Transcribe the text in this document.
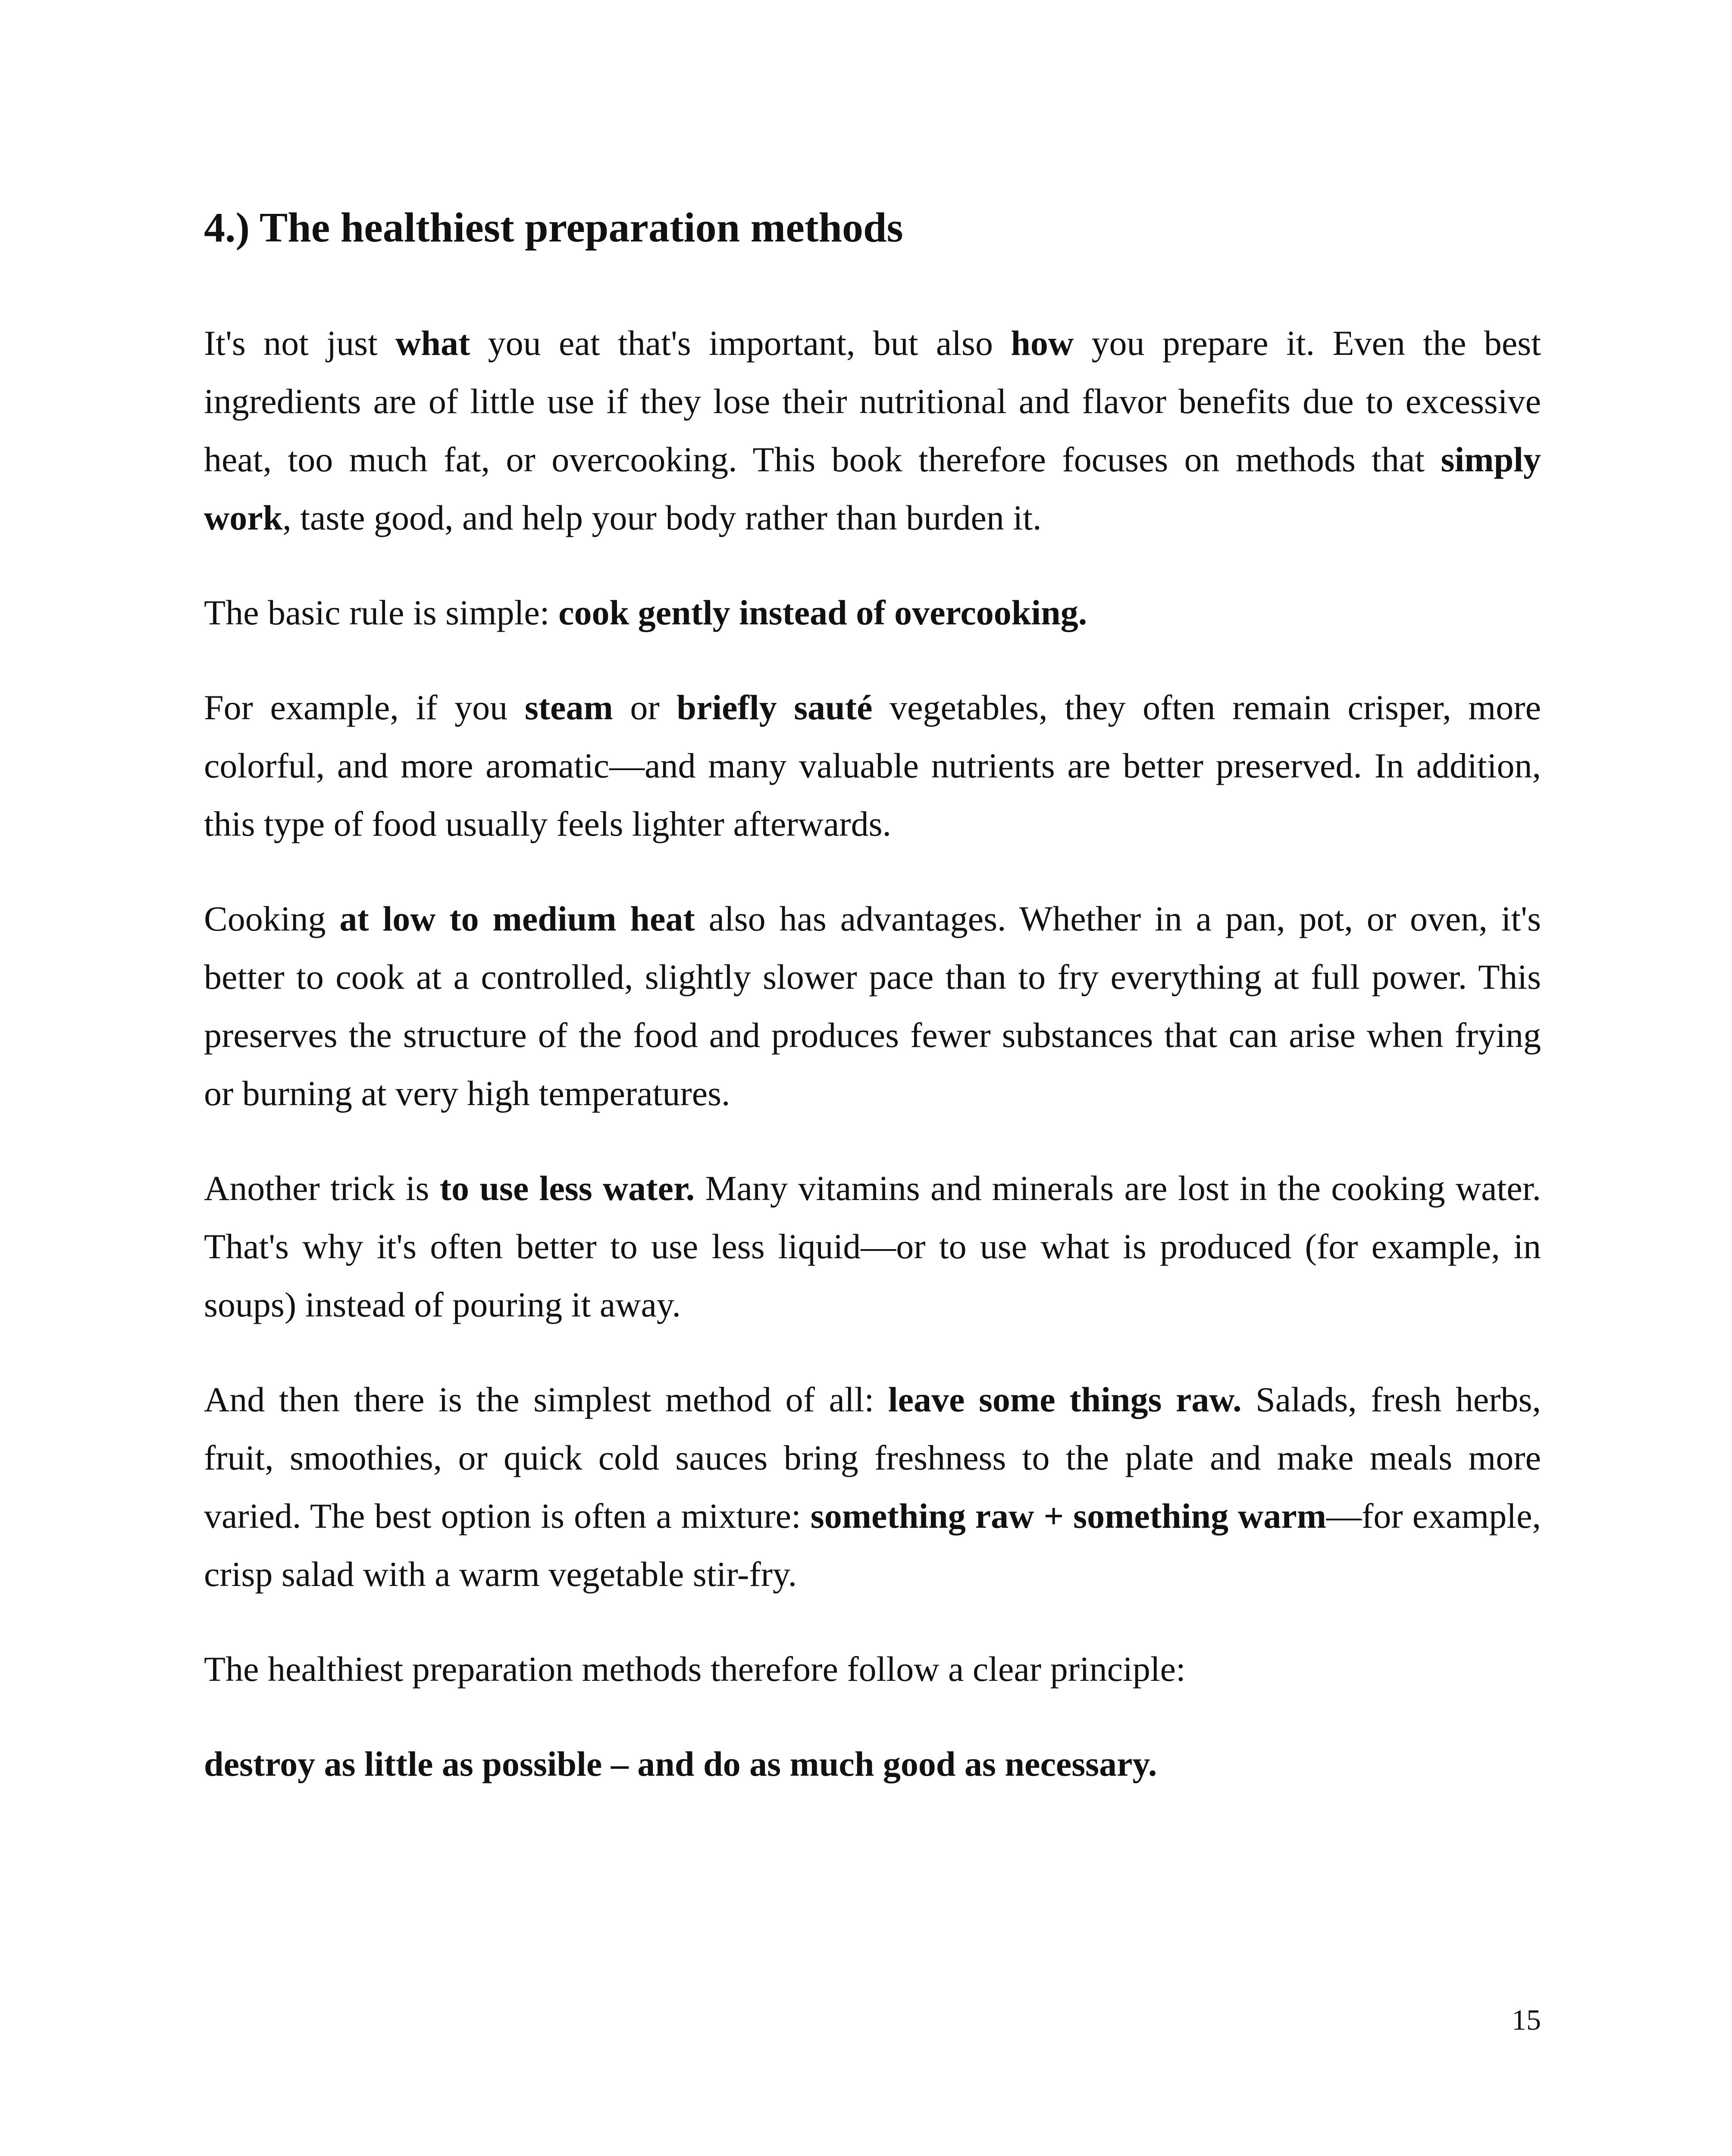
4.) The healthiest preparation methods

It's not just what you eat that's important, but also how you prepare it. Even the best ingredients are of little use if they lose their nutritional and flavor benefits due to excessive heat, too much fat, or overcooking. This book therefore focuses on methods that simply work, taste good, and help your body rather than burden it.

The basic rule is simple: cook gently instead of overcooking.

For example, if you steam or briefly sauté vegetables, they often remain crisper, more colorful, and more aromatic—and many valuable nutrients are better preserved. In addition, this type of food usually feels lighter afterwards.

Cooking at low to medium heat also has advantages. Whether in a pan, pot, or oven, it's better to cook at a controlled, slightly slower pace than to fry everything at full power. This preserves the structure of the food and produces fewer substances that can arise when frying or burning at very high temperatures.

Another trick is to use less water. Many vitamins and minerals are lost in the cooking water. That's why it's often better to use less liquid—or to use what is produced (for example, in soups) instead of pouring it away.

And then there is the simplest method of all: leave some things raw. Salads, fresh herbs, fruit, smoothies, or quick cold sauces bring freshness to the plate and make meals more varied. The best option is often a mixture: something raw + something warm—for example, crisp salad with a warm vegetable stir-fry.

The healthiest preparation methods therefore follow a clear principle:

destroy as little as possible – and do as much good as necessary.

15
